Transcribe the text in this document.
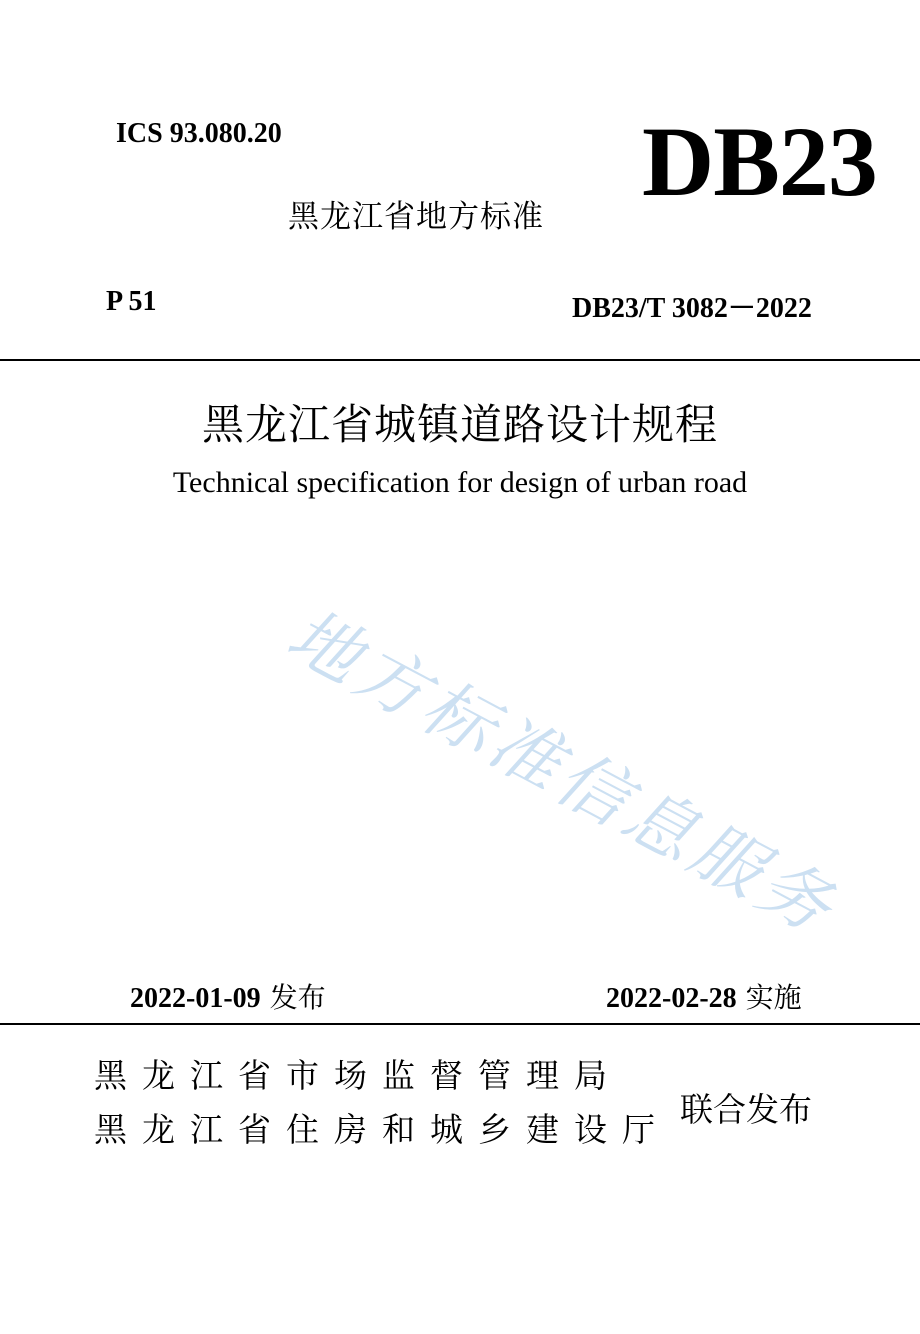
ICS 93.080.20	DB23
黑龙江省地方标准
P 51	DB23/T 3082－2022
黑龙江省城镇道路设计规程
Technical specification for design of urban road
地方标准信息服务
2022-01-09 发布	2022-02-28 实施
黑龙江省市场监督管理局
黑龙江省住房和城乡建设厅
联合发布
